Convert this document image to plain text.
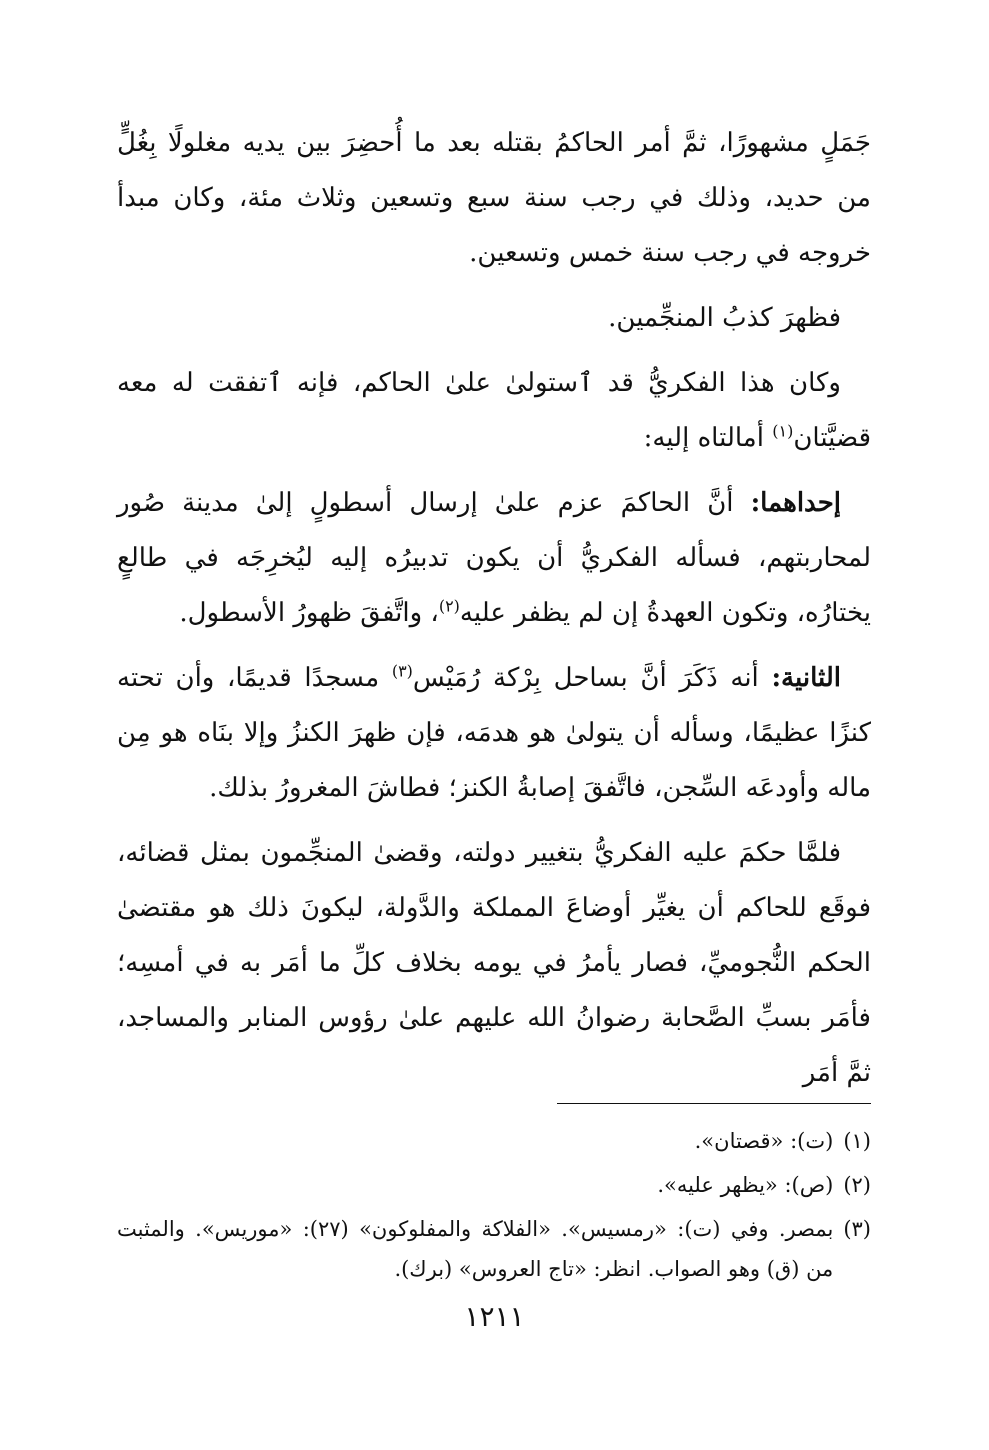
جَمَلٍ مشهورًا، ثمَّ أمر الحاكمُ بقتله بعد ما أُحضِرَ بين يديه مغلولًا بِغُلٍّ من حديد، وذلك في رجب سنة سبع وتسعين وثلاث مئة، وكان مبدأ خروجه في رجب سنة خمس وتسعين.

فظهرَ كذبُ المنجِّمين.

وكان هذا الفكريُّ قد ٱستولىٰ علىٰ الحاكم، فإنه ٱتفقت له معه قضيَّتان$^{(١)}$ أمالتاه إليه:

إحداهما: أنَّ الحاكمَ عزم علىٰ إرسال أسطولٍ إلىٰ مدينة صُور لمحاربتهم، فسأله الفكريُّ أن يكون تدبيرُه إليه ليُخرِجَه في طالعٍ يختارُه، وتكون العهدةُ إن لم يظفر عليه$^{(٢)}$، واتَّفقَ ظهورُ الأسطول.

الثانية: أنه ذَكَرَ أنَّ بساحل بِرْكة رُمَيْس$^{(٣)}$ مسجدًا قديمًا، وأن تحته كنزًا عظيمًا، وسأله أن يتولىٰ هو هدمَه، فإن ظهرَ الكنزُ وإلا بنَاه هو مِن ماله وأودعَه السِّجن، فاتَّفقَ إصابةُ الكنز؛ فطاشَ المغرورُ بذلك.

فلمَّا حكمَ عليه الفكريُّ بتغيير دولته، وقضىٰ المنجِّمون بمثل قضائه، فوقَع للحاكم أن يغيِّر أوضاعَ المملكة والدَّولة، ليكونَ ذلك هو مقتضىٰ الحكم النُّجوميِّ، فصار يأمرُ في يومه بخلاف كلِّ ما أمَر به في أمسِه؛ فأمَر بسبِّ الصَّحابة رضوانُ الله عليهم علىٰ رؤوس المنابر والمساجد، ثمَّ أمَر

(١)
(ت): «قصتان».
(٢)
(ص): «يظهر عليه».
(٣)
بمصر. وفي (ت): «رمسيس». «الفلاكة والمفلوكون» (٢٧): «موريس». والمثبت من (ق) وهو الصواب. انظر: «تاج العروس» (برك).
١٢١١
